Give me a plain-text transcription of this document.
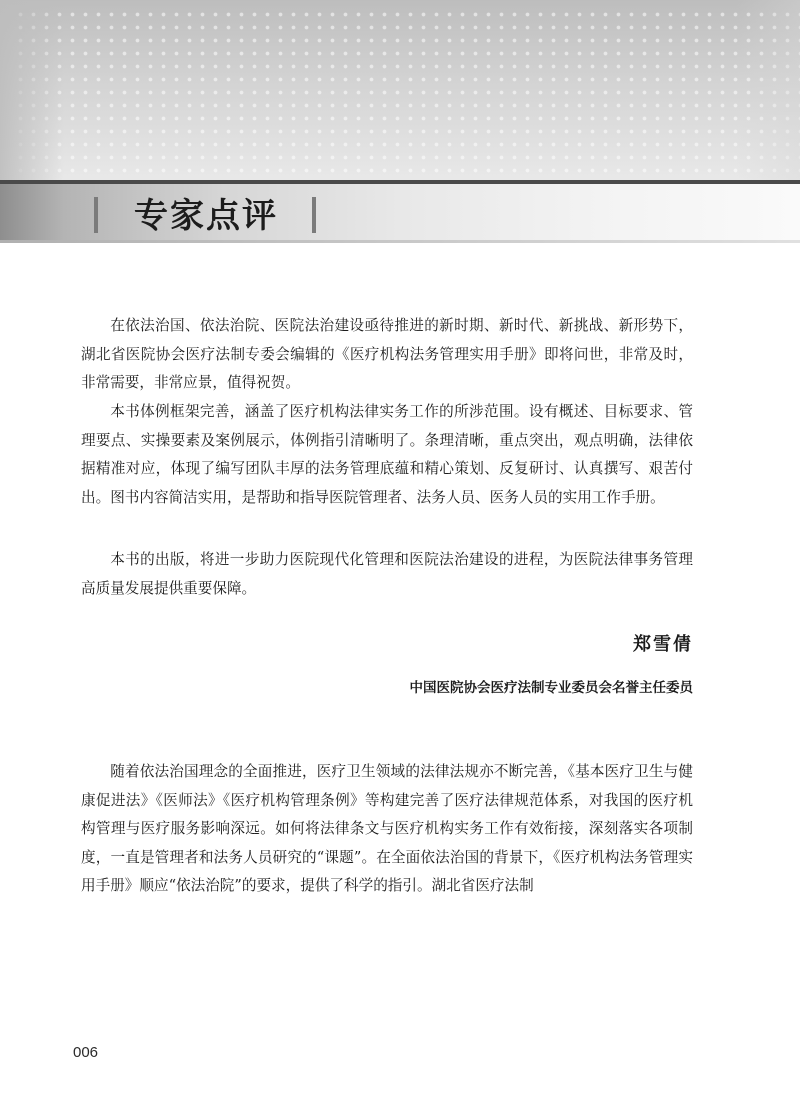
专家点评

在依法治国、依法治院、医院法治建设亟待推进的新时期、新时代、新挑战、新形势下，湖北省医院协会医疗法制专委会编辑的《医疗机构法务管理实用手册》即将问世，非常及时，非常需要，非常应景，值得祝贺。

本书体例框架完善，涵盖了医疗机构法律实务工作的所涉范围。设有概述、目标要求、管理要点、实操要素及案例展示，体例指引清晰明了。条理清晰，重点突出，观点明确，法律依据精准对应，体现了编写团队丰厚的法务管理底蕴和精心策划、反复研讨、认真撰写、艰苦付出。图书内容简洁实用，是帮助和指导医院管理者、法务人员、医务人员的实用工作手册。

本书的出版，将进一步助力医院现代化管理和医院法治建设的进程，为医院法律事务管理高质量发展提供重要保障。

郑雪倩

中国医院协会医疗法制专业委员会名誉主任委员

随着依法治国理念的全面推进，医疗卫生领域的法律法规亦不断完善，《基本医疗卫生与健康促进法》《医师法》《医疗机构管理条例》等构建完善了医疗法律规范体系，对我国的医疗机构管理与医疗服务影响深远。如何将法律条文与医疗机构实务工作有效衔接，深刻落实各项制度，一直是管理者和法务人员研究的“课题”。在全面依法治国的背景下，《医疗机构法务管理实用手册》顺应“依法治院”的要求，提供了科学的指引。湖北省医疗法制

006
